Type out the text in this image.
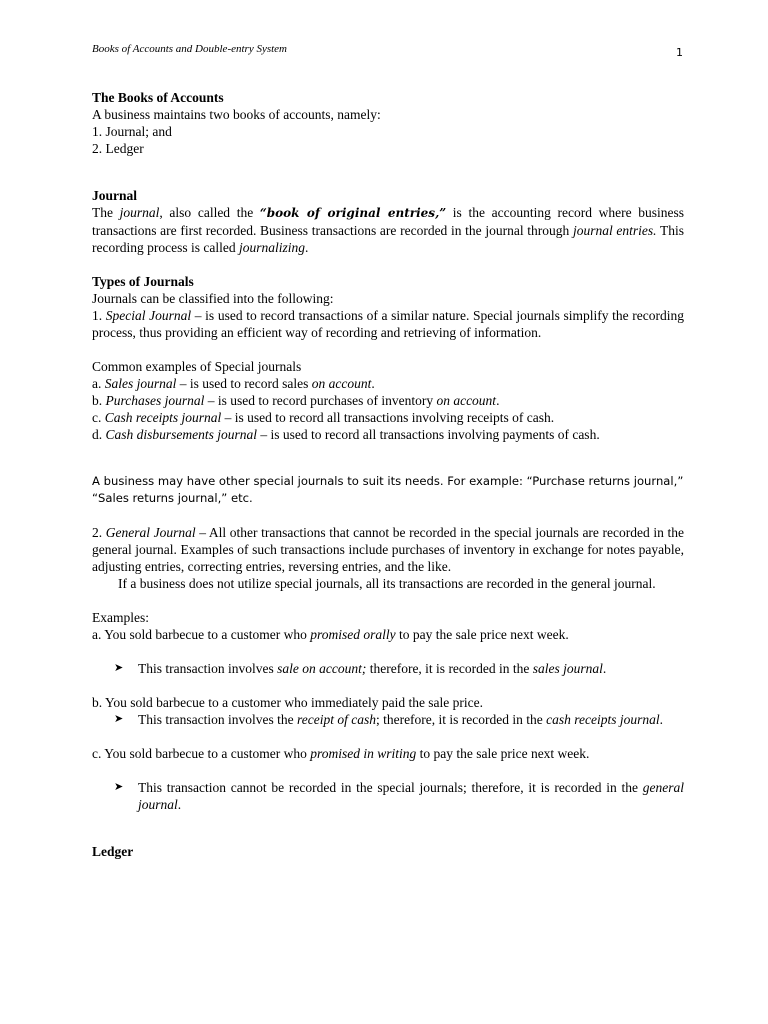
Books of Accounts and Double-entry System	1

The Books of Accounts

A business maintains two books of accounts, namely:

1. Journal; and

2. Ledger

Journal

The journal, also called the “book of original entries,” is the accounting record where business transactions are first recorded. Business transactions are recorded in the journal through journal entries. This recording process is called journalizing.

Types of Journals

Journals can be classified into the following:

1. Special Journal – is used to record transactions of a similar nature. Special journals simplify the recording process, thus providing an efficient way of recording and retrieving of information.

Common examples of Special journals

a. Sales journal – is used to record sales on account.

b. Purchases journal – is used to record purchases of inventory on account.

c. Cash receipts journal – is used to record all transactions involving receipts of cash.

d. Cash disbursements journal – is used to record all transactions involving payments of cash.

A business may have other special journals to suit its needs. For example: “Purchase returns journal,” “Sales returns journal,” etc.

2. General Journal – All other transactions that cannot be recorded in the special journals are recorded in the general journal. Examples of such transactions include purchases of inventory in exchange for notes payable, adjusting entries, correcting entries, reversing entries, and the like.

If a business does not utilize special journals, all its transactions are recorded in the general journal.

Examples:

a. You sold barbecue to a customer who promised orally to pay the sale price next week.

➤ This transaction involves sale on account; therefore, it is recorded in the sales journal.

b. You sold barbecue to a customer who immediately paid the sale price.

➤ This transaction involves the receipt of cash; therefore, it is recorded in the cash receipts journal.

c. You sold barbecue to a customer who promised in writing to pay the sale price next week.

➤ This transaction cannot be recorded in the special journals; therefore, it is recorded in the general journal.

Ledger
